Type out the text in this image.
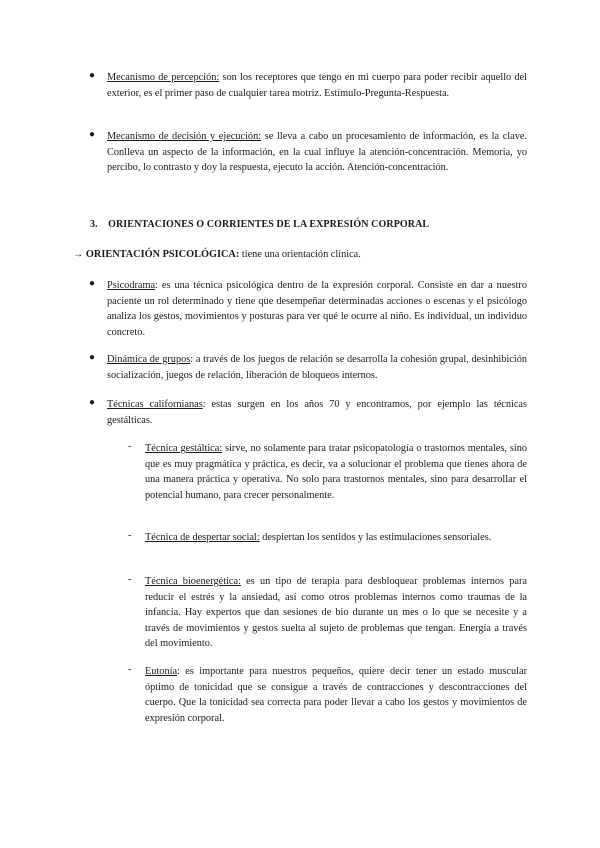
● Mecanismo de percepción: son los receptores que tengo en mi cuerpo para poder recibir aquello del exterior, es el primer paso de cualquier tarea motriz. Estímulo-Pregunta-Respuesta.

● Mecanismo de decisión y ejecución: se lleva a cabo un procesamiento de información, es la clave. Conlleva un aspecto de la información, en la cual influye la atención-concentración. Memoria, yo percibo, lo contrasto y doy la respuesta, ejecuto la acción. Atención-concentración.

3. ORIENTACIONES O CORRIENTES DE LA EXPRESIÓN CORPORAL
→ ORIENTACIÓN PSICOLÓGICA: tiene una orientación clínica.
● Psicodrama: es una técnica psicológica dentro de la expresión corporal. Consiste en dar a nuestro paciente un rol determinado y tiene que desempeñar determinadas acciones o escenas y el psicólogo analiza los gestos, movimientos y posturas para ver qué le ocurre al niño. Es individual, un individuo concreto.

● Dinámica de grupos: a través de los juegos de relación se desarrolla la cohesión grupal, desinhibición socialización, juegos de relación, liberación de bloqueos internos.

● Técnicas californianas: estas surgen en los años 70 y encontramos, por ejemplo las técnicas gestálticas.

- Técnica gestáltica: sirve, no solamente para tratar psicopatología o trastornos mentales, sino que es muy pragmática y práctica, es decir, va a solucionar el problema que tienes ahora de una manera práctica y operativa. No solo para trastornos mentales, sino para desarrollar el potencial humano, para crecer personalmente.

- Técnica de despertar social: despiertan los sentidos y las estimulaciones sensoriales.

- Técnica bioenergética: es un tipo de terapia para desbloquear problemas internos para reducir el estrés y la ansiedad, así como otros problemas internos como traumas de la infancia. Hay expertos que dan sesiones de bio durante un mes o lo que se necesite y a través de movimientos y gestos suelta al sujeto de problemas que tengan. Energía a través del movimiento.

- Eutonía: es importante para nuestros pequeños, quiere decir tener un estado muscular óptimo de tonicidad que se consigue a través de contracciones y descontracciones del cuerpo. Que la tonicidad sea correcta para poder llevar a cabo los gestos y movimientos de expresión corporal.
